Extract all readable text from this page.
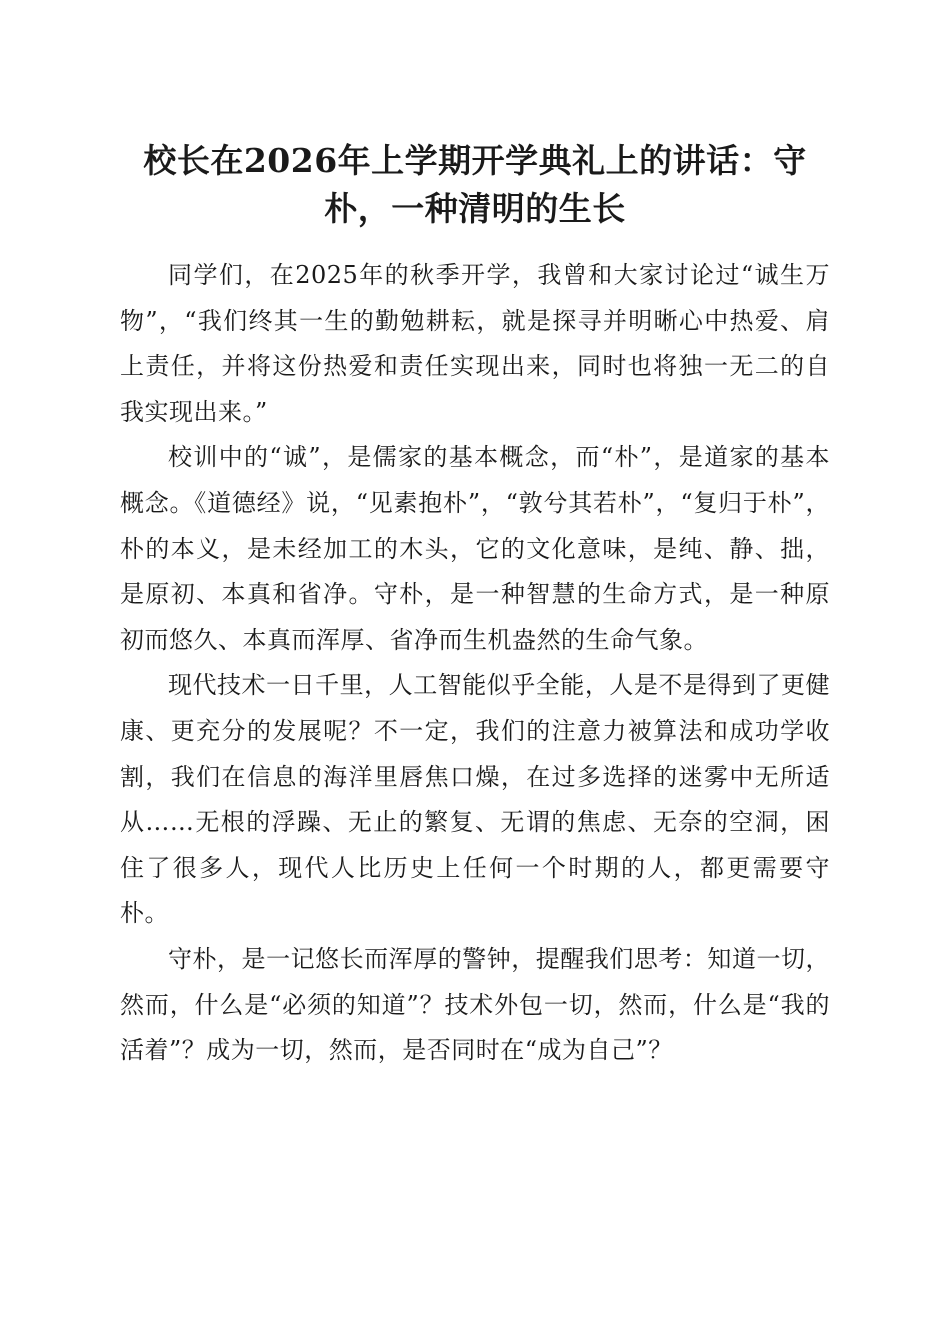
校长在2026年上学期开学典礼上的讲话：守朴，一种清明的生长

同学们，在2025年的秋季开学，我曾和大家讨论过“诚生万物”，“我们终其一生的勤勉耕耘，就是探寻并明晰心中热爱、肩上责任，并将这份热爱和责任实现出来，同时也将独一无二的自我实现出来。”

校训中的“诚”，是儒家的基本概念，而“朴”，是道家的基本概念。《道德经》说，“见素抱朴”，“敦兮其若朴”，“复归于朴”，朴的本义，是未经加工的木头，它的文化意味，是纯、静、拙，是原初、本真和省净。守朴，是一种智慧的生命方式，是一种原初而悠久、本真而浑厚、省净而生机盎然的生命气象。

现代技术一日千里，人工智能似乎全能，人是不是得到了更健康、更充分的发展呢？不一定，我们的注意力被算法和成功学收割，我们在信息的海洋里唇焦口燥，在过多选择的迷雾中无所适从……无根的浮躁、无止的繁复、无谓的焦虑、无奈的空洞，困住了很多人，现代人比历史上任何一个时期的人，都更需要守朴。

守朴，是一记悠长而浑厚的警钟，提醒我们思考：知道一切，然而，什么是“必须的知道”？技术外包一切，然而，什么是“我的活着”？成为一切，然而，是否同时在“成为自己”？
